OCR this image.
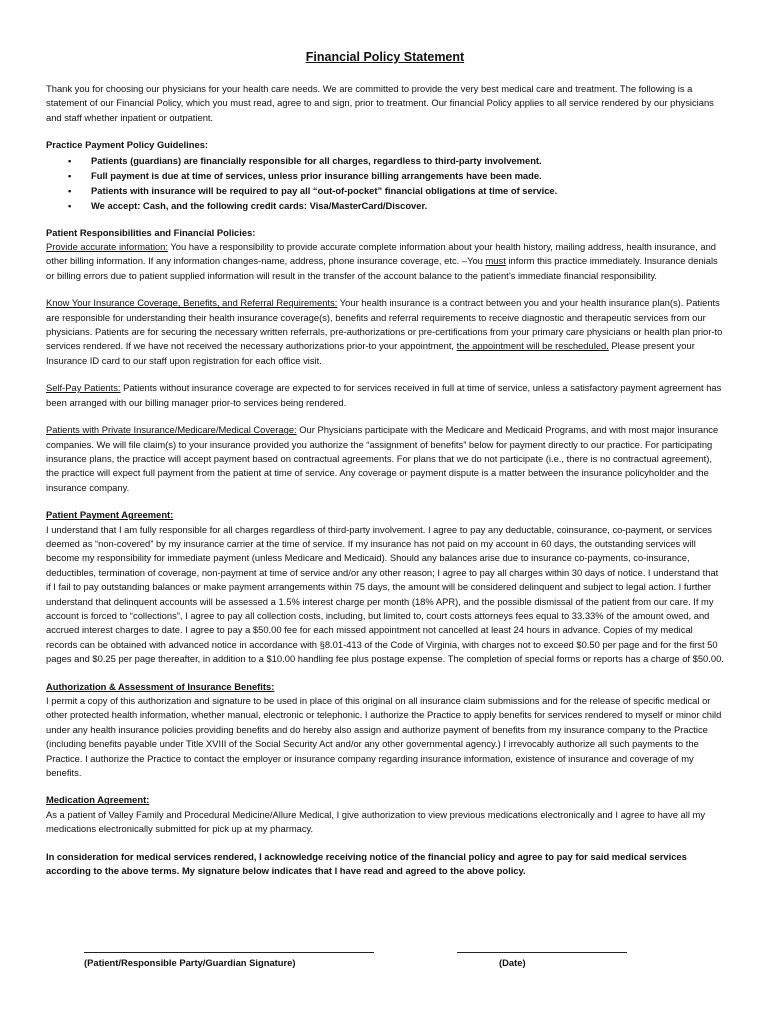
Financial Policy Statement

Thank you for choosing our physicians for your health care needs. We are committed to provide the very best medical care and treatment. The following is a statement of our Financial Policy, which you must read, agree to and sign, prior to treatment. Our financial Policy applies to all service rendered by our physicians and staff whether inpatient or outpatient.

Practice Payment Policy Guidelines:

• Patients (guardians) are financially responsible for all charges, regardless to third-party involvement.
• Full payment is due at time of services, unless prior insurance billing arrangements have been made.
• Patients with insurance will be required to pay all “out-of-pocket” financial obligations at time of service.
• We accept: Cash, and the following credit cards: Visa/MasterCard/Discover.

Patient Responsibilities and Financial Policies:

Provide accurate information: You have a responsibility to provide accurate complete information about your health history, mailing address, health insurance, and other billing information. If any information changes-name, address, phone insurance coverage, etc. –You must inform this practice immediately. Insurance denials or billing errors due to patient supplied information will result in the transfer of the account balance to the patient’s immediate financial responsibility.

Know Your Insurance Coverage, Benefits, and Referral Requirements: Your health insurance is a contract between you and your health insurance plan(s). Patients are responsible for understanding their health insurance coverage(s), benefits and referral requirements to receive diagnostic and therapeutic services from our physicians. Patients are for securing the necessary written referrals, pre-authorizations or pre-certifications from your primary care physicians or health plan prior-to services rendered. If we have not received the necessary authorizations prior-to your appointment, the appointment will be rescheduled. Please present your Insurance ID card to our staff upon registration for each office visit.

Self-Pay Patients: Patients without insurance coverage are expected to for services received in full at time of service, unless a satisfactory payment agreement has been arranged with our billing manager prior-to services being rendered.

Patients with Private Insurance/Medicare/Medical Coverage: Our Physicians participate with the Medicare and Medicaid Programs, and with most major insurance companies. We will file claim(s) to your insurance provided you authorize the “assignment of benefits” below for payment directly to our practice. For participating insurance plans, the practice will accept payment based on contractual agreements. For plans that we do not participate (i.e., there is no contractual agreement), the practice will expect full payment from the patient at time of service. Any coverage or payment dispute is a matter between the insurance policyholder and the insurance company.

Patient Payment Agreement:

I understand that I am fully responsible for all charges regardless of third-party involvement. I agree to pay any deductable, coinsurance, co-payment, or services deemed as “non-covered” by my insurance carrier at the time of service. If my insurance has not paid on my account in 60 days, the outstanding services will become my responsibility for immediate payment (unless Medicare and Medicaid). Should any balances arise due to insurance co-payments, co-insurance, deductibles, termination of coverage, non-payment at time of service and/or any other reason; I agree to pay all charges within 30 days of notice. I understand that if I fail to pay outstanding balances or make payment arrangements within 75 days, the amount will be considered delinquent and subject to legal action. I further understand that delinquent accounts will be assessed a 1.5% interest charge per month (18% APR), and the possible dismissal of the patient from our care. If my account is forced to “collections”, I agree to pay all collection costs, including, but limited to, court costs attorneys fees equal to 33.33% of the amount owed, and accrued interest charges to date. I agree to pay a $50.00 fee for each missed appointment not cancelled at least 24 hours in advance. Copies of my medical records can be obtained with advanced notice in accordance with §8.01-413 of the Code of Virginia, with charges not to exceed $0.50 per page and for the first 50 pages and $0.25 per page thereafter, in addition to a $10.00 handling fee plus postage expense. The completion of special forms or reports has a charge of $50.00.

Authorization & Assessment of Insurance Benefits:

I permit a copy of this authorization and signature to be used in place of this original on all insurance claim submissions and for the release of specific medical or other protected health information, whether manual, electronic or telephonic. I authorize the Practice to apply benefits for services rendered to myself or minor child under any health insurance policies providing benefits and do hereby also assign and authorize payment of benefits from my insurance company to the Practice (including benefits payable under Title XVIII of the Social Security Act and/or any other governmental agency.) I irrevocably authorize all such payments to the Practice. I authorize the Practice to contact the employer or insurance company regarding insurance information, existence of insurance and coverage of my benefits.

Medication Agreement:

As a patient of Valley Family and Procedural Medicine/Allure Medical, I give authorization to view previous medications electronically and I agree to have all my medications electronically submitted for pick up at my pharmacy.

In consideration for medical services rendered, I acknowledge receiving notice of the financial policy and agree to pay for said medical services according to the above terms. My signature below indicates that I have read and agreed to the above policy.

(Patient/Responsible Party/Guardian Signature)	(Date)
